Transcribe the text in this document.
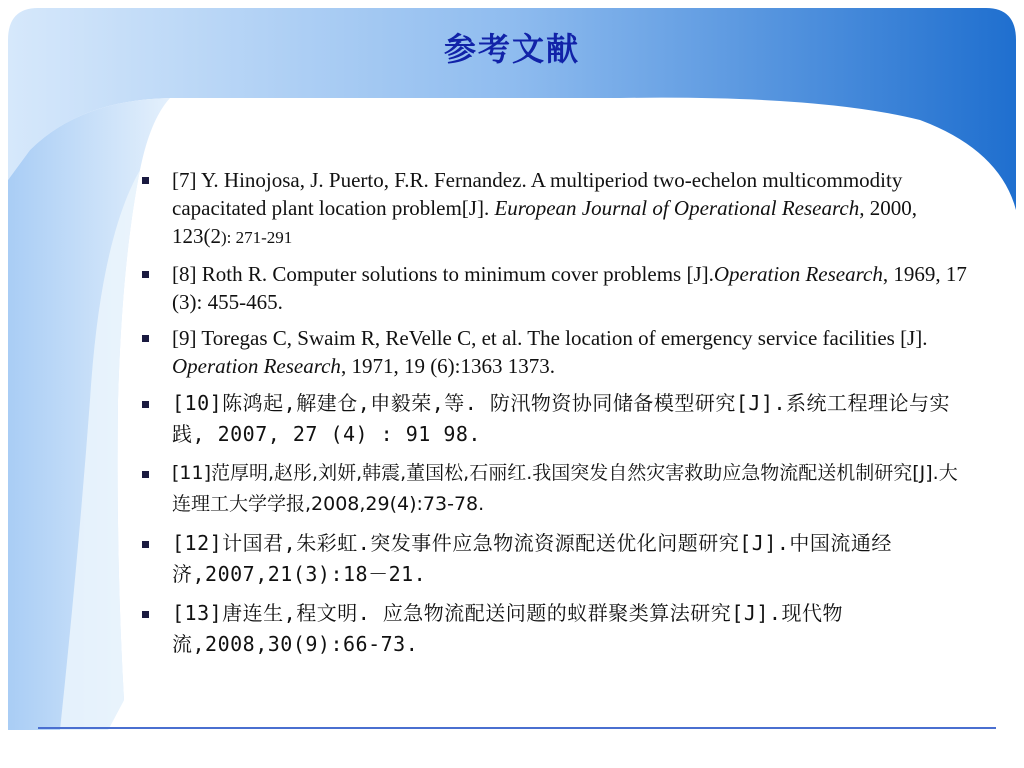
参考文献
[7] Y. Hinojosa, J. Puerto, F.R. Fernandez. A multiperiod two-echelon multicommodity capacitated plant location problem[J]. European Journal of Operational Research, 2000, 123(2): 271-291
[8] Roth R. Computer solutions to minimum cover problems [J].Operation Research, 1969, 17 (3): 455-465.
[9] Toregas C, Swaim R, ReVelle C, et al. The location of emergency service facilities [J]. Operation Research, 1971, 19 (6):1363 1373.
[10]陈鸿起,解建仓,申毅荣,等. 防汛物资协同储备模型研究[J].系统工程理论与实践, 2007, 27 (4) : 91 98.
[11]范厚明,赵彤,刘妍,韩震,董国松,石丽红.我国突发自然灾害救助应急物流配送机制研究[J].大连理工大学学报,2008,29(4):73-78.
[12]计国君,朱彩虹.突发事件应急物流资源配送优化问题研究[J].中国流通经济,2007,21(3):18－21.
[13]唐连生,程文明. 应急物流配送问题的蚁群聚类算法研究[J].现代物流,2008,30(9):66-73.
